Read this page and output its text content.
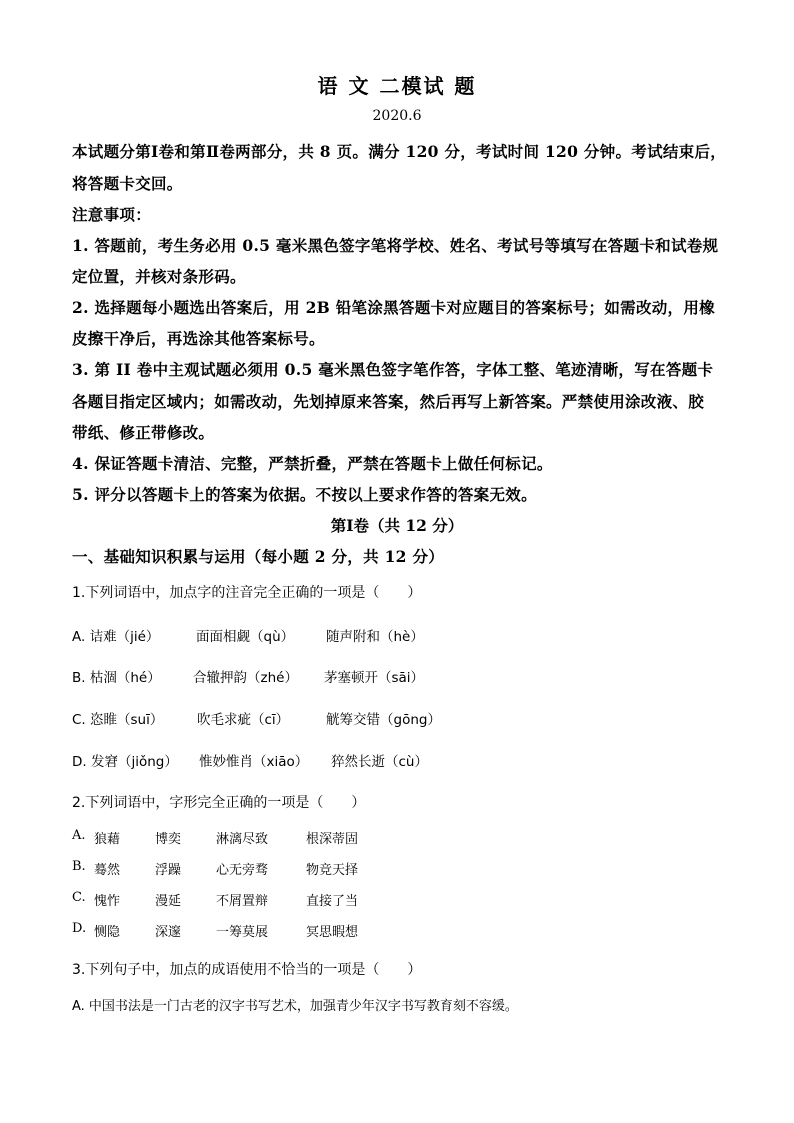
语 文 二模试 题
2020.6
本试题分第Ⅰ卷和第Ⅱ卷两部分，共 8 页。满分 120 分，考试时间 120 分钟。考试结束后，
将答题卡交回。
注意事项：
1. 答题前，考生务必用 0.5 毫米黑色签字笔将学校、姓名、考试号等填写在答题卡和试卷规
定位置，并核对条形码。
2. 选择题每小题选出答案后，用 2B 铅笔涂黑答题卡对应题目的答案标号；如需改动，用橡
皮擦干净后，再选涂其他答案标号。
3. 第 II 卷中主观试题必须用 0.5 毫米黑色签字笔作答，字体工整、笔迹清晰，写在答题卡
各题目指定区域内；如需改动，先划掉原来答案，然后再写上新答案。严禁使用涂改液、胶
带纸、修正带修改。
4. 保证答题卡清洁、完整，严禁折叠，严禁在答题卡上做任何标记。
5. 评分以答题卡上的答案为依据。不按以上要求作答的答案无效。
第Ⅰ卷（共 12 分）
一、基础知识积累与运用（每小题 2 分，共 12 分）
1.下列词语中，加点字的注音完全正确的一项是（　　）
A. 诘难（jié）	面面相觑（qù） 随声附和（hè）
B. 枯涸（hé） 合辙押韵（zhé） 茅塞顿开（sāi）
C. 恣睢（suī） 吹毛求疵（cī）	觥筹交错（gōng）
D. 发窘（jiǒng） 惟妙惟肖（xiāo） 猝然长逝（cù）
2.下列词语中，字形完全正确的一项是（　　）
A. 狼藉	博奕	淋漓尽致	根深蒂固
B. 蓦然	浮躁	心无旁骛	物竞天择
C. 愧怍	漫延	不屑置辩	直接了当
D. 恻隐	深邃	一筹莫展	冥思暇想
3.下列句子中，加点的成语使用不恰当的一项是（　　）
A. 中国书法是一门古老的汉字书写艺术，加强青少年汉字书写教育刻不容缓。
